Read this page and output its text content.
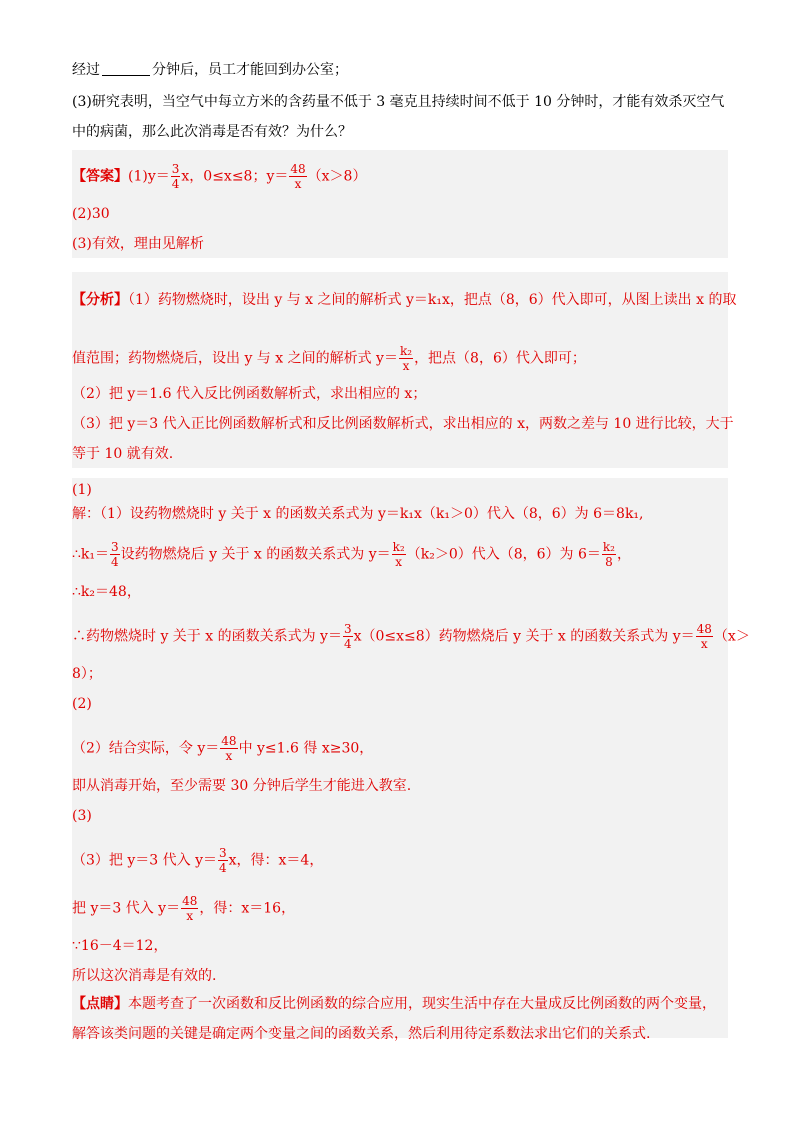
经过	分钟后，员工才能回到办公室；
(3)研究表明，当空气中每立方米的含药量不低于 3 毫克且持续时间不低于 10 分钟时，才能有效杀灭空气
中的病菌，那么此次消毒是否有效？为什么？
【答案】$(1)y= \frac{3}{4}$ x，0≤x≤8；$y= \frac{48}{x} (x>8)$
(2)30
(3)有效，理由见解析
【分析】（1）药物燃烧时，设出 y 与 x 之间的解析式 y＝k₁x，把点（8，6）代入即可，从图上读出 x 的取
值范围；药物燃烧后，设出 y 与 x 之间的解析式 $y= \frac{\text{k₂}}{x}$ ，把点（8，6）代入即可；
（2）把 y＝1.6 代入反比例函数解析式，求出相应的 x；
（3）把 y＝3 代入正比例函数解析式和反比例函数解析式，求出相应的 x，两数之差与 10 进行比较，大于
等于 10 就有效.
(1)
解：（1）设药物燃烧时 y 关于 x 的函数关系式为 y＝k₁x（k₁＞0）代入（8，6）为 6＝8k₁,
∴k₁＝ $\frac{3}{4}$ 设药物燃烧后 y 关于 x 的函数关系式为 $y= \frac{\text{k₂}}{x} (k_2>0)$代入（8，6）为 $6= \frac{\text{k₂}}{8}$ ，
∴k₂＝48，
∴药物燃烧时 y 关于 x 的函数关系式为 $y= \frac{3}{4} x(0\le x\le 8)$药物燃烧后 y 关于 x 的函数关系式为 $y= \frac{48}{x} (x>$
8）；
(2)
（2）结合实际，令 $y= \frac{48}{x}$ 中 y≤1.6 得 x≥30，
即从消毒开始，至少需要 30 分钟后学生才能进入教室.
(3)
（3）把 y＝3 代入 $y= \frac{3}{4}$ x，得：x＝4，
把 y＝3 代入 $y= \frac{48}{x}$ ，得：x＝16，
∵16－4＝12，
所以这次消毒是有效的.
【点睛】本题考查了一次函数和反比例函数的综合应用，现实生活中存在大量成反比例函数的两个变量，
解答该类问题的关键是确定两个变量之间的函数关系，然后利用待定系数法求出它们的关系式.
